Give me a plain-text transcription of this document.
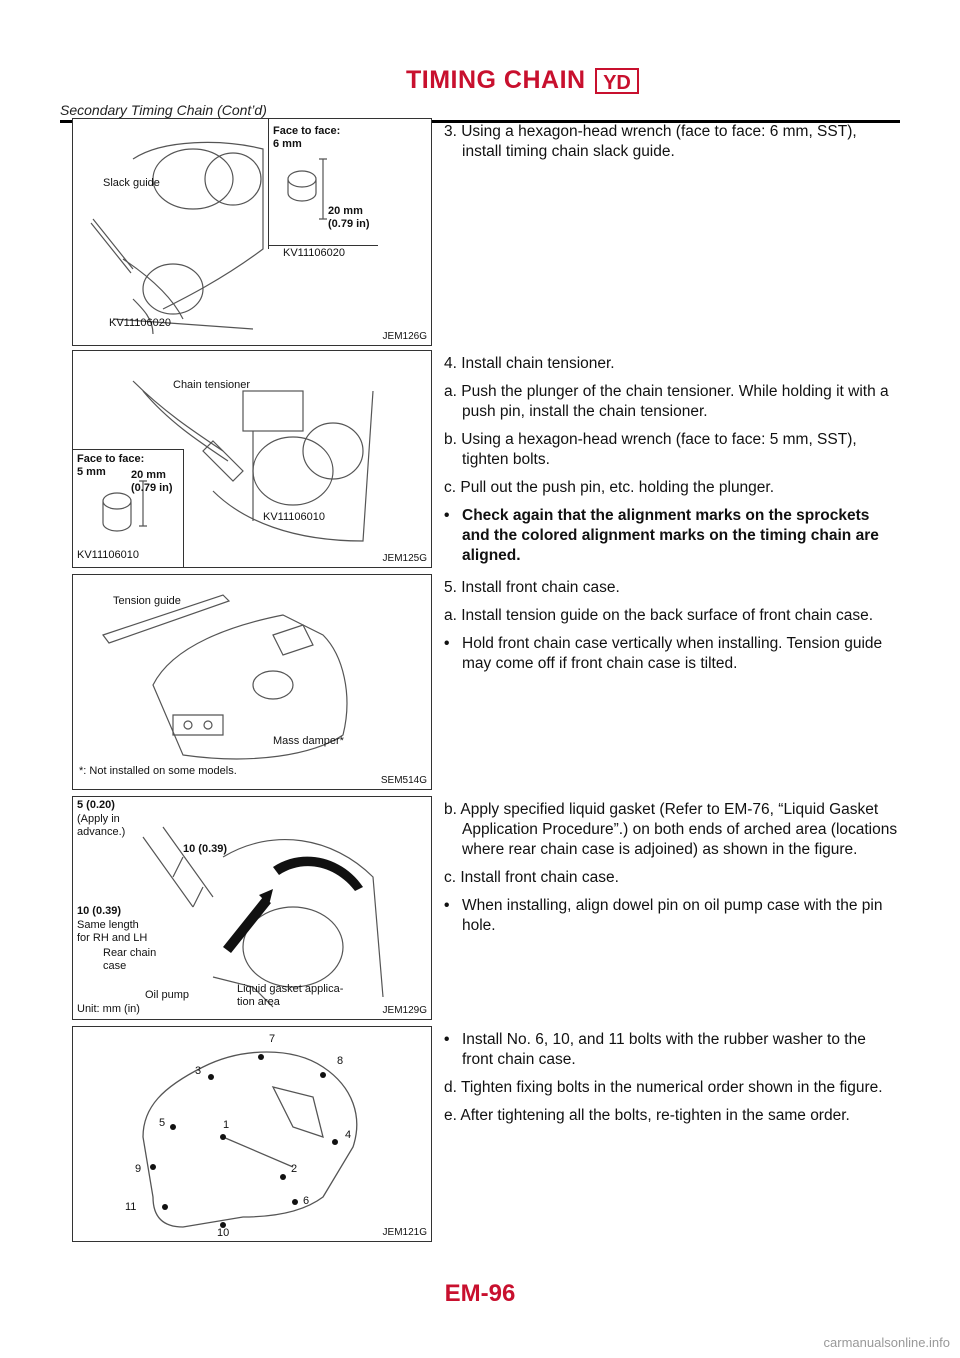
TIMING CHAIN YD
Secondary Timing Chain (Cont’d)
Face to face:
6 mm
Slack guide
20 mm
(0.79 in)
KV11106020
KV11106020
JEM126G

3. Using a hexagon-head wrench (face to face: 6 mm, SST), install timing chain slack guide.

Chain tensioner
Face to face:
5 mm	20 mm
(0.79 in)
KV11106010
KV11106010	JEM125G

4. Install chain tensioner.

a. Push the plunger of the chain tensioner. While holding it with a push pin, install the chain tensioner.

b. Using a hexagon-head wrench (face to face: 5 mm, SST), tighten bolts.

c. Pull out the push pin, etc. holding the plunger.

• Check again that the alignment marks on the sprockets and the colored alignment marks on the timing chain are aligned.

Tension guide
Mass damper*
*: Not installed on some models.
SEM514G

5. Install front chain case.

a. Install tension guide on the back surface of front chain case.

• Hold front chain case vertically when installing. Tension guide may come off if front chain case is tilted.

5 (0.20)
(Apply in
advance.)
10 (0.39)
10 (0.39)
Same length
for RH and LH
Rear chain
case
Oil pump	Liquid gasket applica-
tion area
Unit: mm (in)	JEM129G

b. Apply specified liquid gasket (Refer to EM-76, “Liquid Gasket Application Procedure”.) on both ends of arched area (locations where rear chain case is adjoined) as shown in the figure.

c. Install front chain case.

• When installing, align dowel pin on oil pump case with the pin hole.

7
3
8
5	1
4
9	2
11	6
10	JEM121G

• Install No. 6, 10, and 11 bolts with the rubber washer to the front chain case.

d. Tighten fixing bolts in the numerical order shown in the figure.

e. After tightening all the bolts, re-tighten in the same order.

EM-96
carmanualsonline.info
